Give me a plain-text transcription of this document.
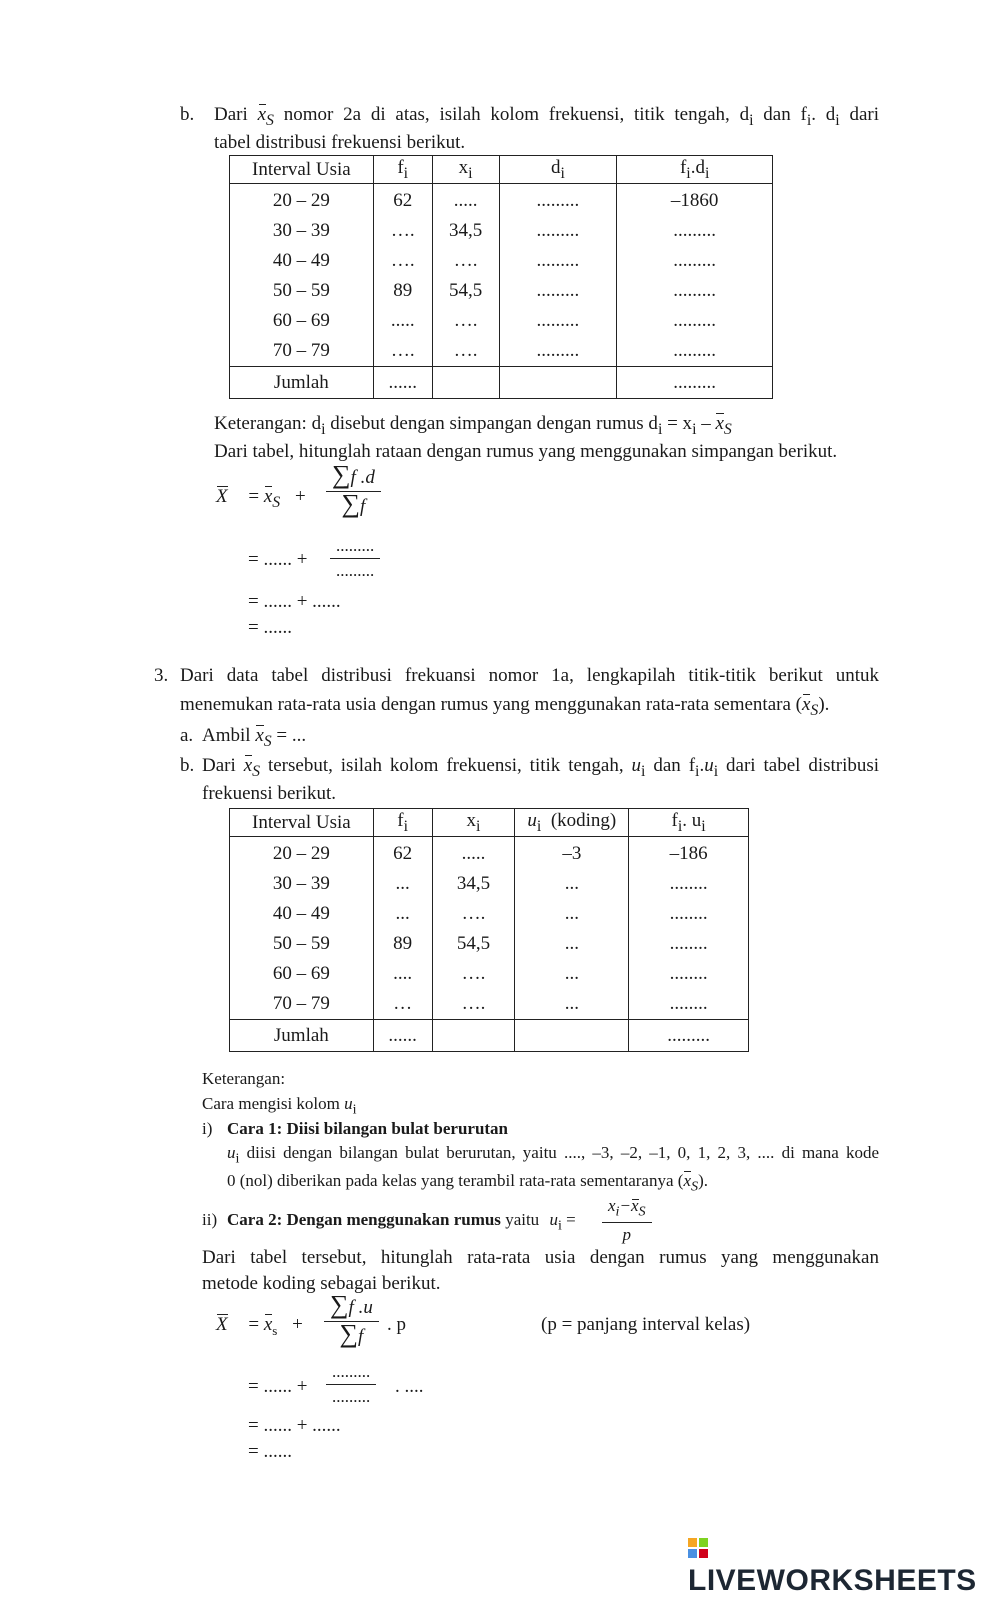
b. Dari $x_S$ nomor 2a di atas, isilah kolom frekuensi, titik tengah, $d_i$ dan $f_i$. $d_i$ dari
tabel distribusi frekuensi berikut.
Interval Usia	$f_i$	$x_i$	$d_i$	$f_i.d_i$
20 – 29	62	.....	.........	–1860
30 – 39	….	34,5	.........	.........
40 – 49	….	….	.........	.........
50 – 59	89	54,5	.........	.........
60 – 69	.....	….	.........	.........
70 – 79	….	….	.........	.........
Jumlah	......			.........
Keterangan: $d_i$ disebut dengan simpangan dengan rumus $d_i = x_i - x_S$
Dari tabel, hitunglah rataan dengan rumus yang menggunakan simpangan berikut.
$X = x_S + \frac{\sum f .d}{\sum f}$
= ...... + $\frac{.........}{.........}$
= ...... + ......
= ......
3. Dari data tabel distribusi frekuansi nomor 1a, lengkapilah titik-titik berikut untuk
menemukan rata-rata usia dengan rumus yang menggunakan rata-rata sementara $(x_S)$.
a. Ambil $x_S$ = ...
b. Dari $x_S$ tersebut, isilah kolom frekuensi, titik tengah, $u_i$ dan $f_i.u_i$ dari tabel distribusi
frekuensi berikut.
Interval Usia	$f_i$	$x_i$	$u_i$ (koding)	$f_i$. $u_i$
20 – 29	62	.....	–3	–186
30 – 39	...	34,5	...	........
40 – 49	...	….	...	........
50 – 59	89	54,5	...	........
60 – 69	....	….	...	........
70 – 79	…	….	...	........
Jumlah	......			.........
Keterangan:
Cara mengisi kolom $u_i$
i) Cara 1: Diisi bilangan bulat berurutan
$u_i$ diisi dengan bilangan bulat berurutan, yaitu ...., –3, –2, –1, 0, 1, 2, 3, .... di mana kode
0 (nol) diberikan pada kelas yang terambil rata-rata sementaranya $(x_S)$.
ii) Cara 2: Dengan menggunakan rumus yaitu $u_i = \frac{x_i-x_S}{p}$
Dari tabel tersebut, hitunglah rata-rata usia dengan rumus yang menggunakan
metode koding sebagai berikut.
$X = x_s + \frac{\sum f .u}{\sum f}$ . p	(p = panjang interval kelas)
= ...... + $\frac{.........}{.........}$ . ....
= ...... + ......
= ......
LIVEWORKSHEETS
